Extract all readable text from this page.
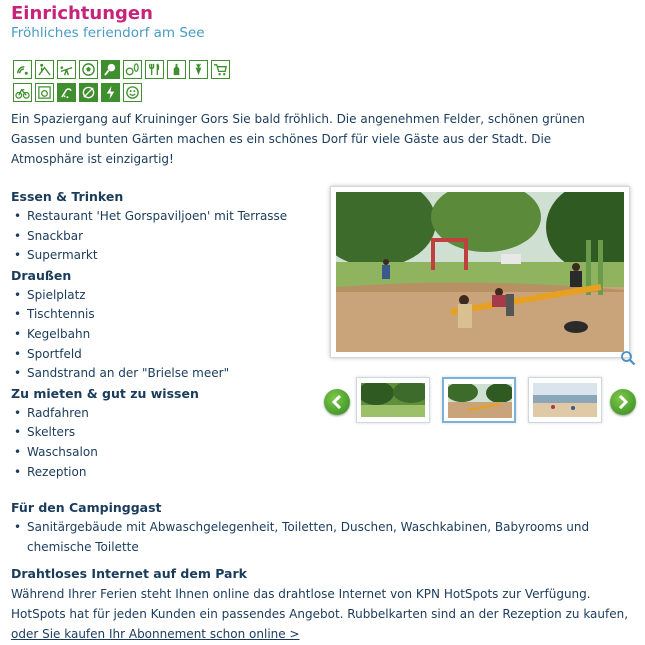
Einrichtungen
Fröhliches feriendorf am See
Ein Spaziergang auf Kruininger Gors Sie bald fröhlich. Die angenehmen Felder, schönen grünen Gassen und bunten Gärten machen es ein schönes Dorf für viele Gäste aus der Stadt. Die Atmosphäre ist einzigartig!
Essen & Trinken
• Restaurant 'Het Gorspaviljoen' mit Terrasse
• Snackbar
• Supermarkt
Draußen
• Spielplatz
• Tischtennis
• Kegelbahn
• Sportfeld
• Sandstrand an der "Brielse meer"
Zu mieten & gut zu wissen
• Radfahren
• Skelters
• Waschsalon
• Rezeption
Für den Campinggast
• Sanitärgebäude mit Abwaschgelegenheit, Toiletten, Duschen, Waschkabinen, Babyrooms und chemische Toilette
Drahtloses Internet auf dem Park

Während Ihrer Ferien steht Ihnen online das drahtlose Internet von KPN HotSpots zur Verfügung. HotSpots hat für jeden Kunden ein passendes Angebot. Rubbelkarten sind an der Rezeption zu kaufen,

oder Sie kaufen Ihr Abonnement schon online >
